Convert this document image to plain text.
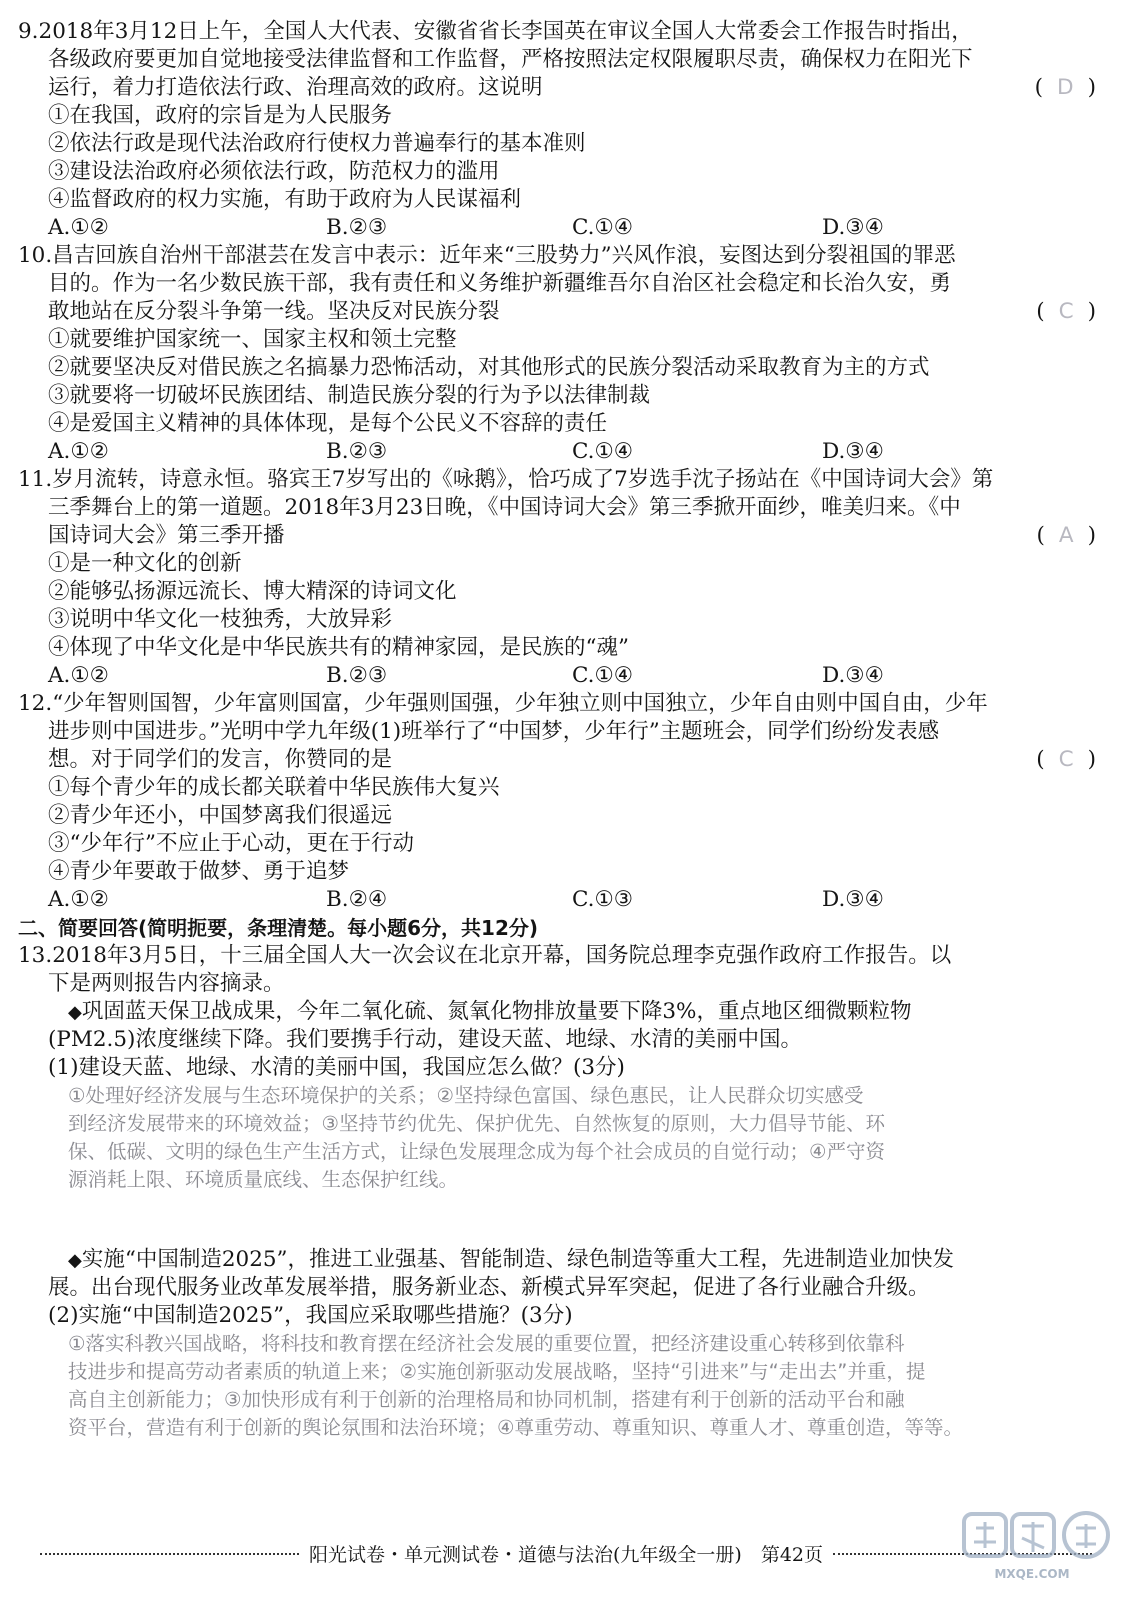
9.2018年3月12日上午，全国人大代表、安徽省省长李国英在审议全国人大常委会工作报告时指出，
各级政府要更加自觉地接受法律监督和工作监督，严格按照法定权限履职尽责，确保权力在阳光下
运行，着力打造依法行政、治理高效的政府。这说明	( D )
①在我国，政府的宗旨是为人民服务
②依法行政是现代法治政府行使权力普遍奉行的基本准则
③建设法治政府必须依法行政，防范权力的滥用
④监督政府的权力实施，有助于政府为人民谋福利
A.①②	B.②③	C.①④	D.③④
10.昌吉回族自治州干部湛芸在发言中表示：近年来“三股势力”兴风作浪，妄图达到分裂祖国的罪恶
目的。作为一名少数民族干部，我有责任和义务维护新疆维吾尔自治区社会稳定和长治久安，勇
敢地站在反分裂斗争第一线。坚决反对民族分裂	( C )
①就要维护国家统一、国家主权和领土完整
②就要坚决反对借民族之名搞暴力恐怖活动，对其他形式的民族分裂活动采取教育为主的方式
③就要将一切破坏民族团结、制造民族分裂的行为予以法律制裁
④是爱国主义精神的具体体现，是每个公民义不容辞的责任
A.①②	B.②③	C.①④	D.③④
11.岁月流转，诗意永恒。骆宾王7岁写出的《咏鹅》，恰巧成了7岁选手沈子扬站在《中国诗词大会》第
三季舞台上的第一道题。2018年3月23日晚，《中国诗词大会》第三季掀开面纱，唯美归来。《中
国诗词大会》第三季开播	( A )
①是一种文化的创新
②能够弘扬源远流长、博大精深的诗词文化
③说明中华文化一枝独秀，大放异彩
④体现了中华文化是中华民族共有的精神家园，是民族的“魂”
A.①②	B.②③	C.①④	D.③④
12.“少年智则国智，少年富则国富，少年强则国强，少年独立则中国独立，少年自由则中国自由，少年
进步则中国进步。”光明中学九年级(1)班举行了“中国梦，少年行”主题班会，同学们纷纷发表感
想。对于同学们的发言，你赞同的是	( C )
①每个青少年的成长都关联着中华民族伟大复兴
②青少年还小，中国梦离我们很遥远
③“少年行”不应止于心动，更在于行动
④青少年要敢于做梦、勇于追梦
A.①②	B.②④	C.①③	D.③④
二、简要回答(简明扼要，条理清楚。每小题6分，共12分)
13.2018年3月5日，十三届全国人大一次会议在北京开幕，国务院总理李克强作政府工作报告。以
下是两则报告内容摘录。
◆巩固蓝天保卫战成果，今年二氧化硫、氮氧化物排放量要下降3%，重点地区细微颗粒物
(PM2.5)浓度继续下降。我们要携手行动，建设天蓝、地绿、水清的美丽中国。
(1)建设天蓝、地绿、水清的美丽中国，我国应怎么做？(3分)
①处理好经济发展与生态环境保护的关系；②坚持绿色富国、绿色惠民，让人民群众切实感受
到经济发展带来的环境效益；③坚持节约优先、保护优先、自然恢复的原则，大力倡导节能、环
保、低碳、文明的绿色生产生活方式，让绿色发展理念成为每个社会成员的自觉行动；④严守资
源消耗上限、环境质量底线、生态保护红线。
◆实施“中国制造2025”，推进工业强基、智能制造、绿色制造等重大工程，先进制造业加快发
展。出台现代服务业改革发展举措，服务新业态、新模式异军突起，促进了各行业融合升级。
(2)实施“中国制造2025”，我国应采取哪些措施？(3分)
①落实科教兴国战略，将科技和教育摆在经济社会发展的重要位置，把经济建设重心转移到依靠科
技进步和提高劳动者素质的轨道上来；②实施创新驱动发展战略，坚持“引进来”与“走出去”并重，提
高自主创新能力；③加快形成有利于创新的治理格局和协同机制，搭建有利于创新的活动平台和融
资平台，营造有利于创新的舆论氛围和法治环境；④尊重劳动、尊重知识、尊重人才、尊重创造，等等。
阳光试卷・单元测试卷・道德与法治(九年级全一册)　第42页
MXQE.COM
